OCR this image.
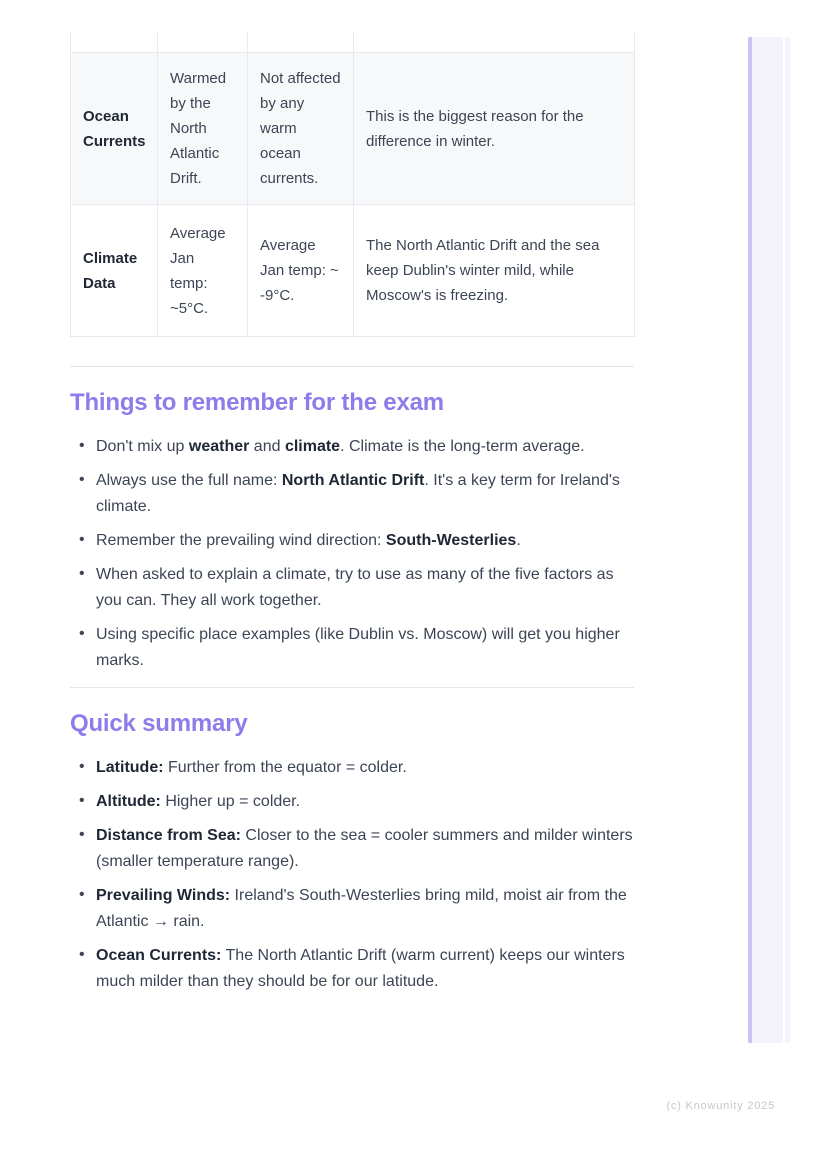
Ocean Currents	Warmed by the North Atlantic Drift.	Not affected by any warm ocean currents.	This is the biggest reason for the difference in winter.
Climate Data	Average Jan temp: ~5°C.	Average Jan temp: ~ -9°C.	The North Atlantic Drift and the sea keep Dublin's winter mild, while Moscow's is freezing.
Things to remember for the exam
• Don't mix up weather and climate. Climate is the long-term average.
• Always use the full name: North Atlantic Drift. It's a key term for Ireland's climate.
• Remember the prevailing wind direction: South-Westerlies.
• When asked to explain a climate, try to use as many of the five factors as you can. They all work together.
• Using specific place examples (like Dublin vs. Moscow) will get you higher marks.
Quick summary
• Latitude: Further from the equator = colder.
• Altitude: Higher up = colder.
• Distance from Sea: Closer to the sea = cooler summers and milder winters (smaller temperature range).
• Prevailing Winds: Ireland's South-Westerlies bring mild, moist air from the Atlantic → rain.
• Ocean Currents: The North Atlantic Drift (warm current) keeps our winters much milder than they should be for our latitude.
(c) Knowunity 2025
